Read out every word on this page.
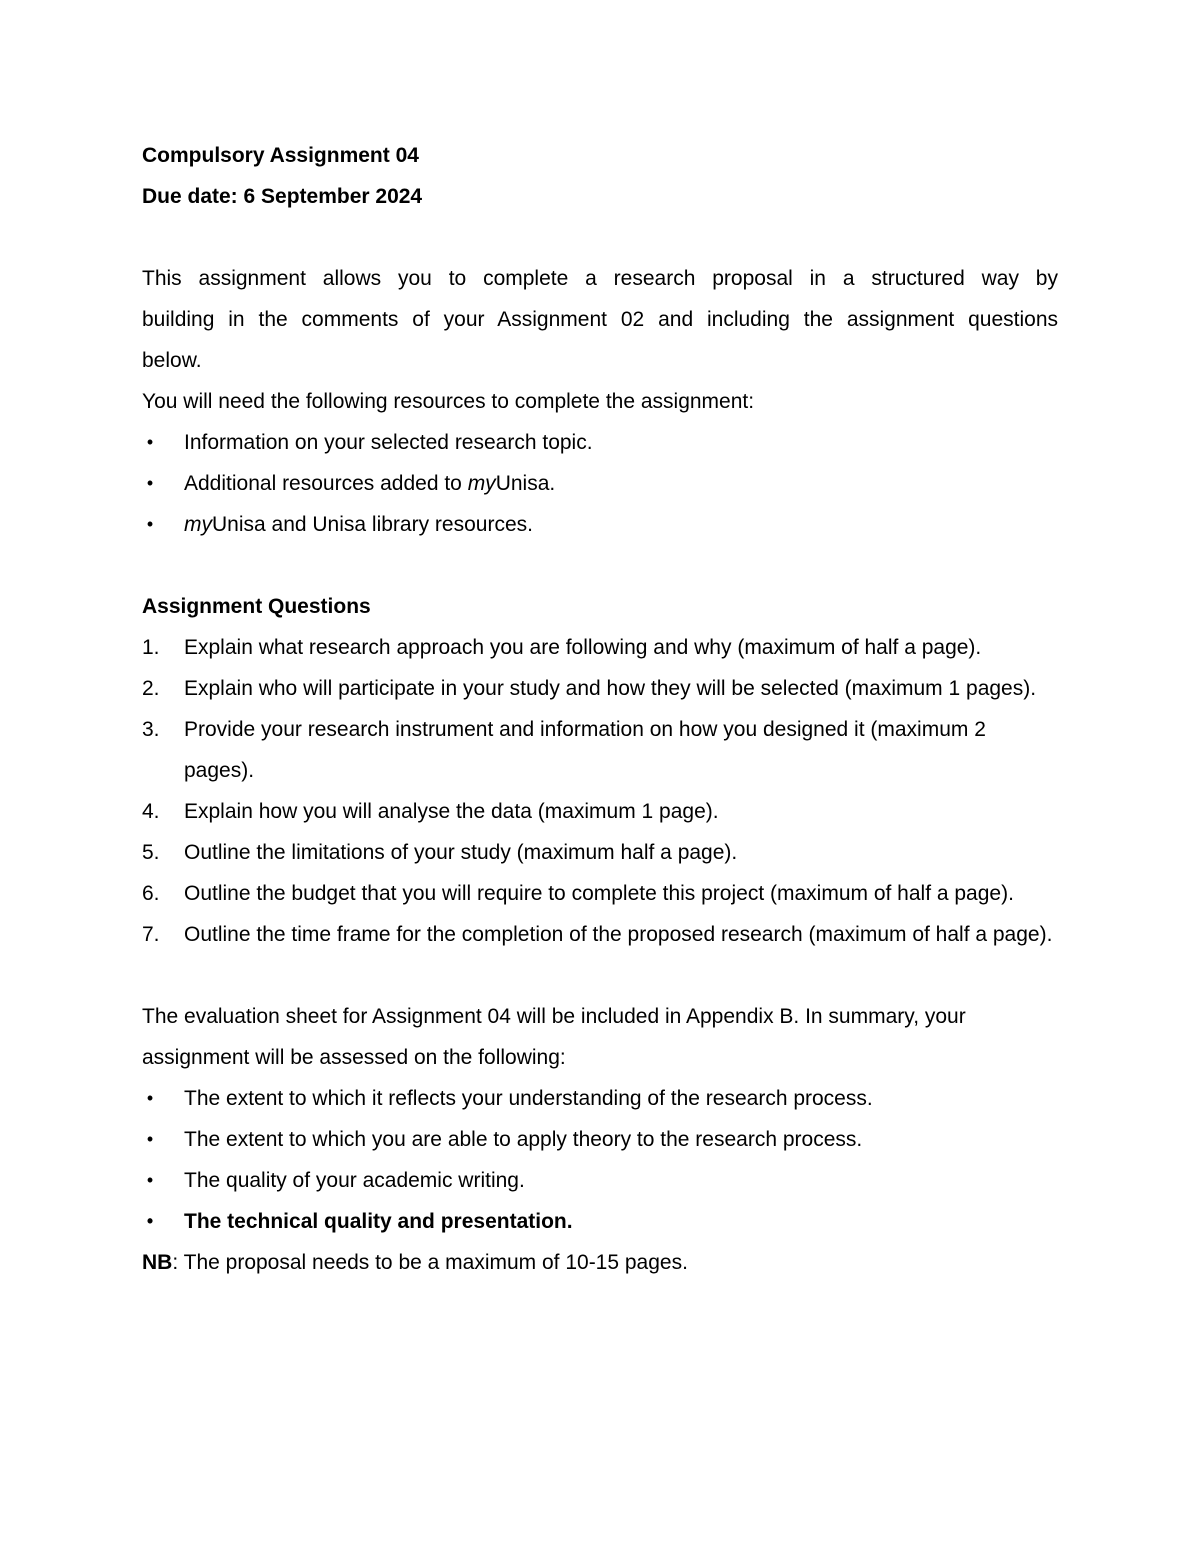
Compulsory Assignment 04

Due date: 6 September 2024

This assignment allows you to complete a research proposal in a structured way by

building in the comments of your Assignment 02 and including the assignment questions

below.

You will need the following resources to complete the assignment:

• Information on your selected research topic.
• Additional resources added to myUnisa.
• myUnisa and Unisa library resources.

Assignment Questions

1.	Explain what research approach you are following and why (maximum of half a page).
2.	Explain who will participate in your study and how they will be selected (maximum 1 pages).
3.	Provide your research instrument and information on how you designed it (maximum 2 pages).
4.	Explain how you will analyse the data (maximum 1 page).
5.	Outline the limitations of your study (maximum half a page).
6.	Outline the budget that you will require to complete this project (maximum of half a page).
7.	Outline the time frame for the completion of the proposed research (maximum of half a page).

The evaluation sheet for Assignment 04 will be included in Appendix B. In summary, your

assignment will be assessed on the following:

• The extent to which it reflects your understanding of the research process.
• The extent to which you are able to apply theory to the research process.
• The quality of your academic writing.
• The technical quality and presentation.

NB: The proposal needs to be a maximum of 10-15 pages.
